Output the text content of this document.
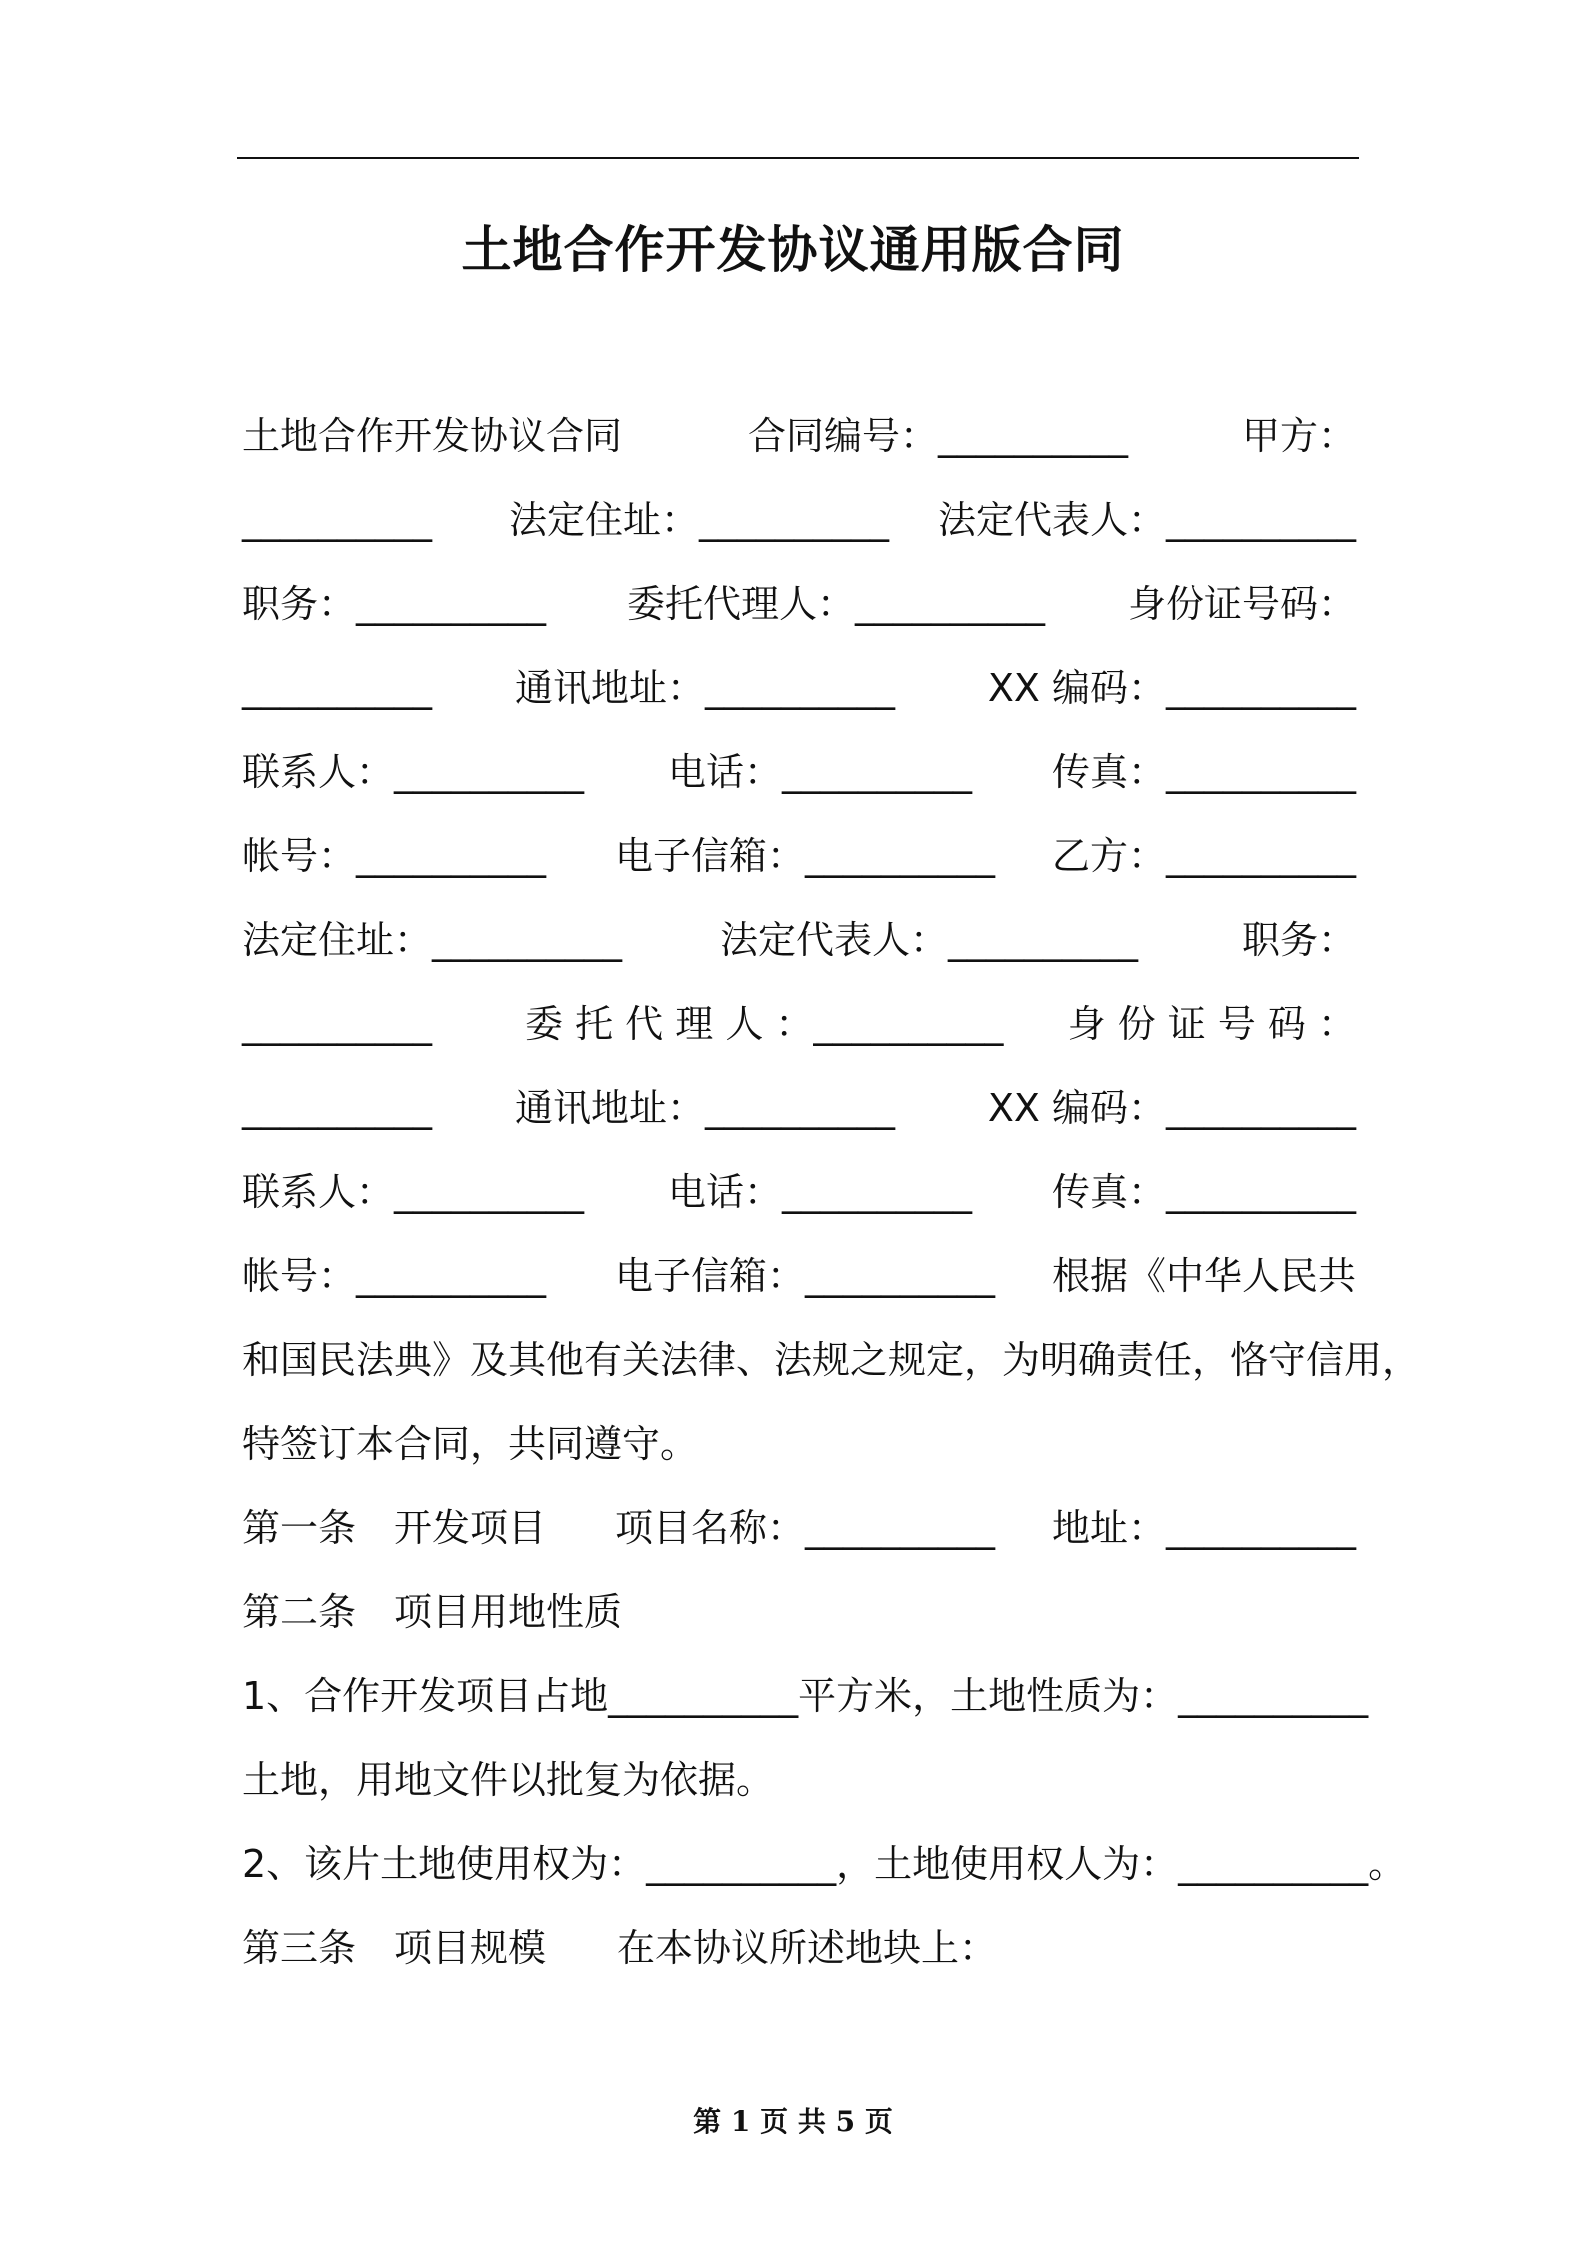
土地合作开发协议通用版合同
土地合作开发协议合同	合同编号：__________	甲方：
__________ 法定住址：__________ 法定代表人：__________
职务：__________ 委托代理人：__________ 身份证号码：
__________ 通讯地址：__________ XX 编码：__________
联系人：__________ 电话：__________ 传真：__________
帐号：__________ 电子信箱：__________ 乙方：__________
法定住址：__________	法定代表人：__________	职务：
__________ 委 托 代 理 人 ：__________ 身 份 证 号 码 ：
__________ 通讯地址：__________ XX 编码：__________
联系人：__________ 电话：__________ 传真：__________
帐号：__________ 电子信箱：__________ 根据《中华人民共
和国民法典》及其他有关法律、法规之规定，为明确责任，恪守信用，
特签订本合同，共同遵守。
第一条　开发项目 项目名称：__________ 地址：__________
第二条　项目用地性质
1、合作开发项目占地__________平方米，土地性质为：__________
土地，用地文件以批复为依据。
2、该片土地使用权为：__________，土地使用权人为：__________。
第三条　项目规模 在本协议所述地块上：
第 1 页 共 5 页
